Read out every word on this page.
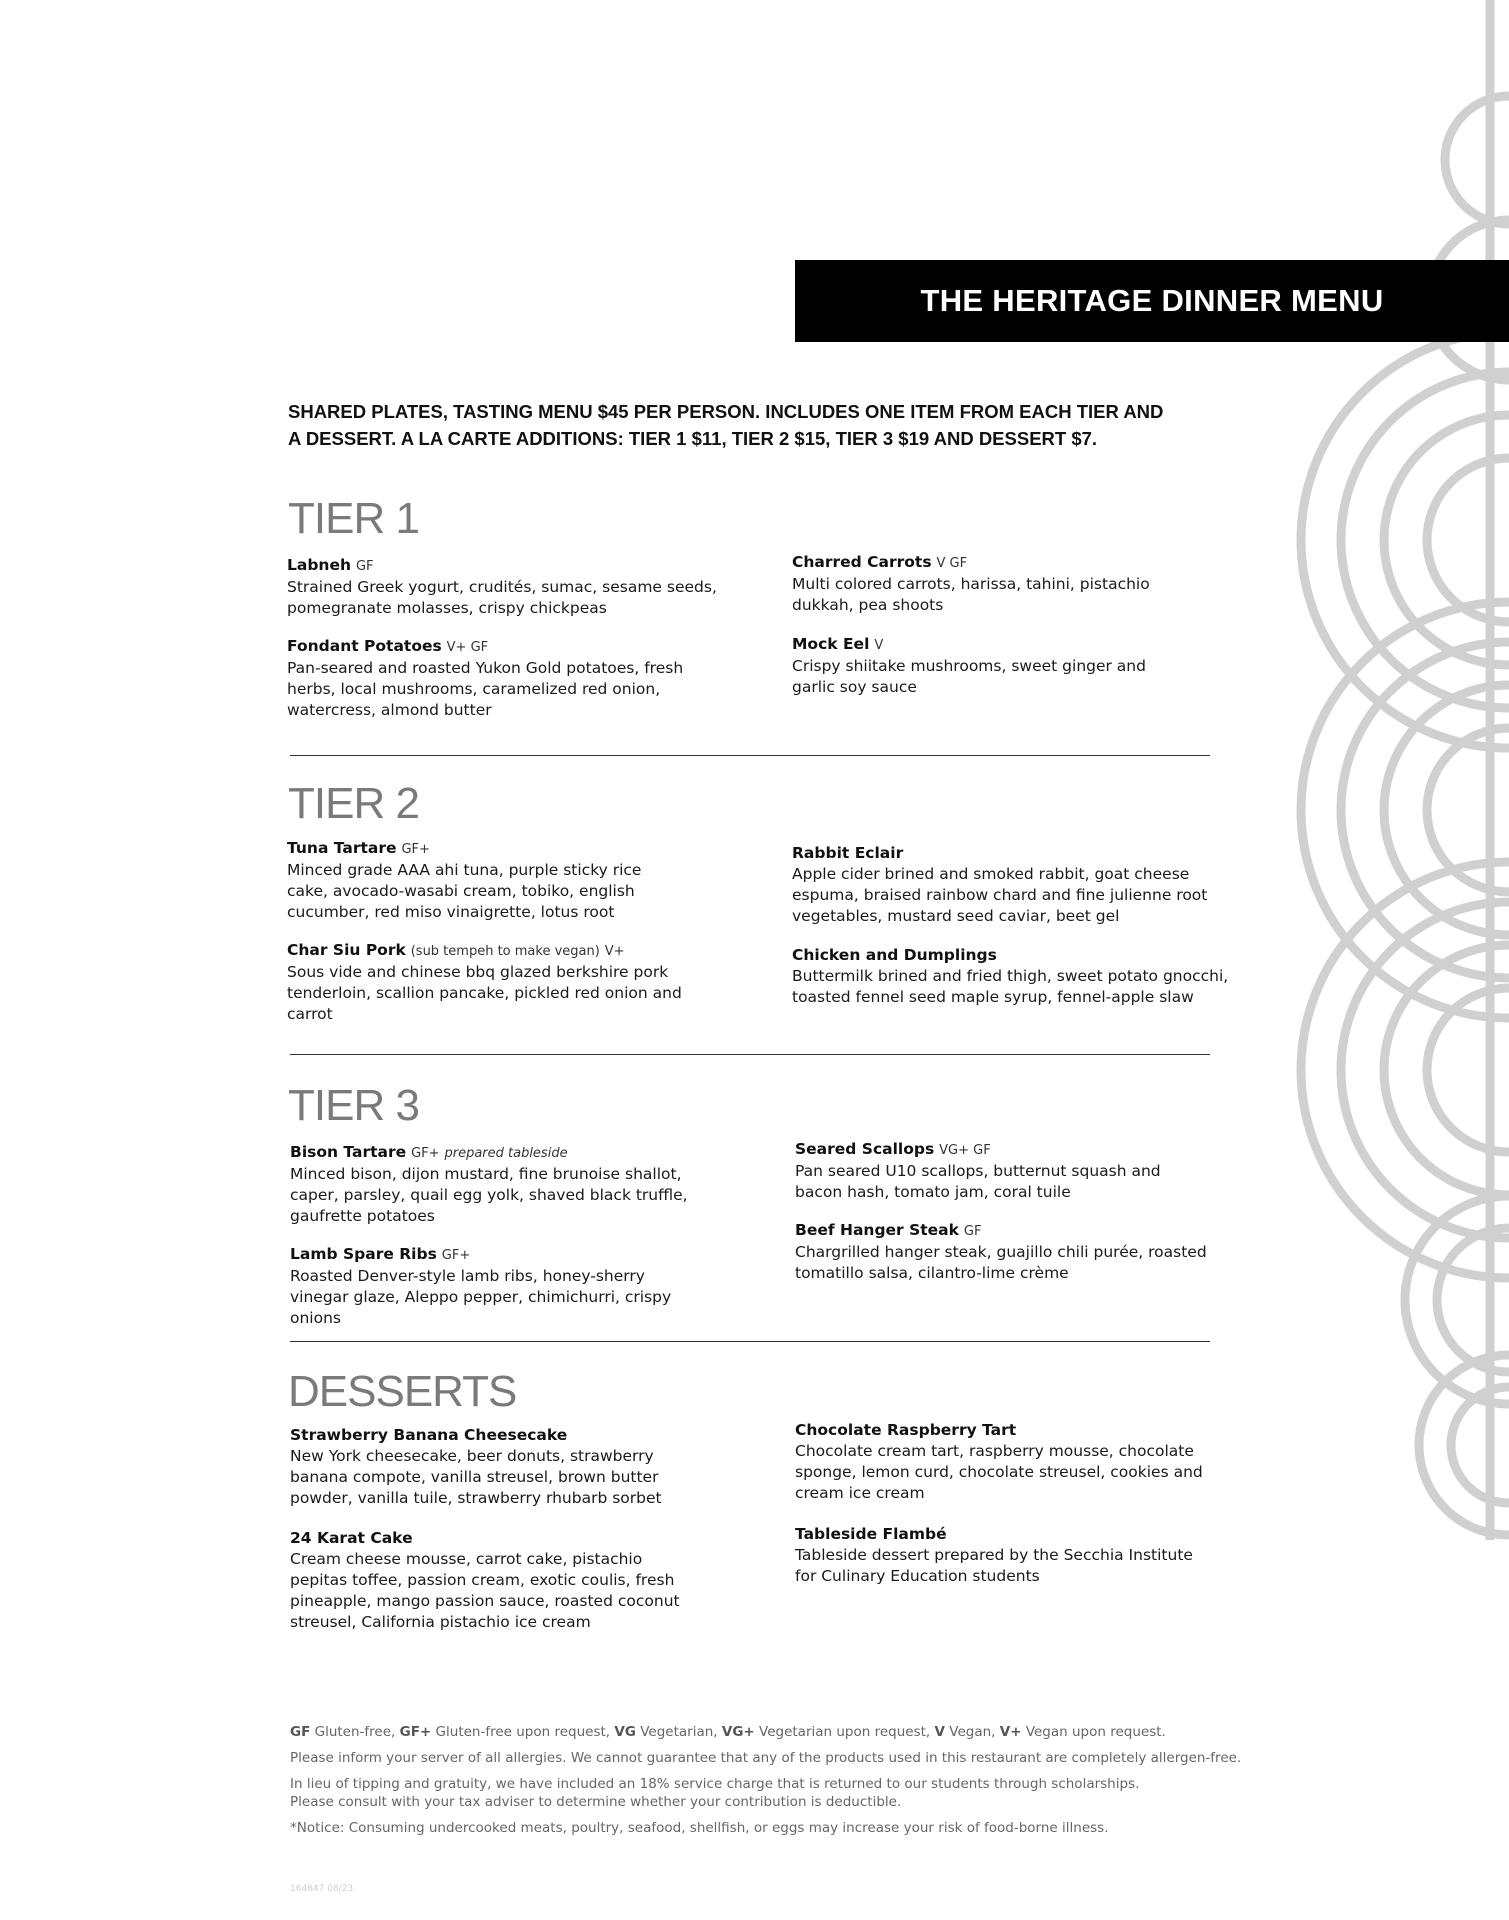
THE HERITAGE DINNER MENU

SHARED PLATES, TASTING MENU $45 PER PERSON. INCLUDES ONE ITEM FROM EACH TIER AND

A DESSERT. A LA CARTE ADDITIONS: TIER 1 $11, TIER 2 $15, TIER 3 $19 AND DESSERT $7.

TIER 1
Labneh GF
Strained Greek yogurt, crudités, sumac, sesame seeds, pomegranate molasses, crispy chickpeas
Fondant Potatoes V+ GF
Pan-seared and roasted Yukon Gold potatoes, fresh herbs, local mushrooms, caramelized red onion, watercress, almond butter
Charred Carrots V GF
Multi colored carrots, harissa, tahini, pistachio dukkah, pea shoots
Mock Eel V
Crispy shiitake mushrooms, sweet ginger and garlic soy sauce
TIER 2
Tuna Tartare GF+
Minced grade AAA ahi tuna, purple sticky rice cake, avocado-wasabi cream, tobiko, english cucumber, red miso vinaigrette, lotus root
Char Siu Pork (sub tempeh to make vegan) V+
Sous vide and chinese bbq glazed berkshire pork tenderloin, scallion pancake, pickled red onion and carrot
Rabbit Eclair
Apple cider brined and smoked rabbit, goat cheese espuma, braised rainbow chard and fine julienne root vegetables, mustard seed caviar, beet gel
Chicken and Dumplings
Buttermilk brined and fried thigh, sweet potato gnocchi, toasted fennel seed maple syrup, fennel-apple slaw
TIER 3
Bison Tartare GF+ prepared tableside
Minced bison, dijon mustard, fine brunoise shallot, caper, parsley, quail egg yolk, shaved black truffle, gaufrette potatoes
Lamb Spare Ribs GF+
Roasted Denver-style lamb ribs, honey-sherry vinegar glaze, Aleppo pepper, chimichurri, crispy onions
Seared Scallops VG+ GF
Pan seared U10 scallops, butternut squash and bacon hash, tomato jam, coral tuile
Beef Hanger Steak GF
Chargrilled hanger steak, guajillo chili purée, roasted tomatillo salsa, cilantro-lime crème
DESSERTS
Strawberry Banana Cheesecake
New York cheesecake, beer donuts, strawberry banana compote, vanilla streusel, brown butter powder, vanilla tuile, strawberry rhubarb sorbet
24 Karat Cake
Cream cheese mousse, carrot cake, pistachio pepitas toffee, passion cream, exotic coulis, fresh pineapple, mango passion sauce, roasted coconut streusel, California pistachio ice cream
Chocolate Raspberry Tart
Chocolate cream tart, raspberry mousse, chocolate sponge, lemon curd, chocolate streusel, cookies and cream ice cream
Tableside Flambé
Tableside dessert prepared by the Secchia Institute for Culinary Education students

GF Gluten-free, GF+ Gluten-free upon request, VG Vegetarian, VG+ Vegetarian upon request, V Vegan, V+ Vegan upon request.

Please inform your server of all allergies. We cannot guarantee that any of the products used in this restaurant are completely allergen-free.

In lieu of tipping and gratuity, we have included an 18% service charge that is returned to our students through scholarships.
Please consult with your tax adviser to determine whether your contribution is deductible.

*Notice: Consuming undercooked meats, poultry, seafood, shellfish, or eggs may increase your risk of food-borne illness.

164647 08/23
